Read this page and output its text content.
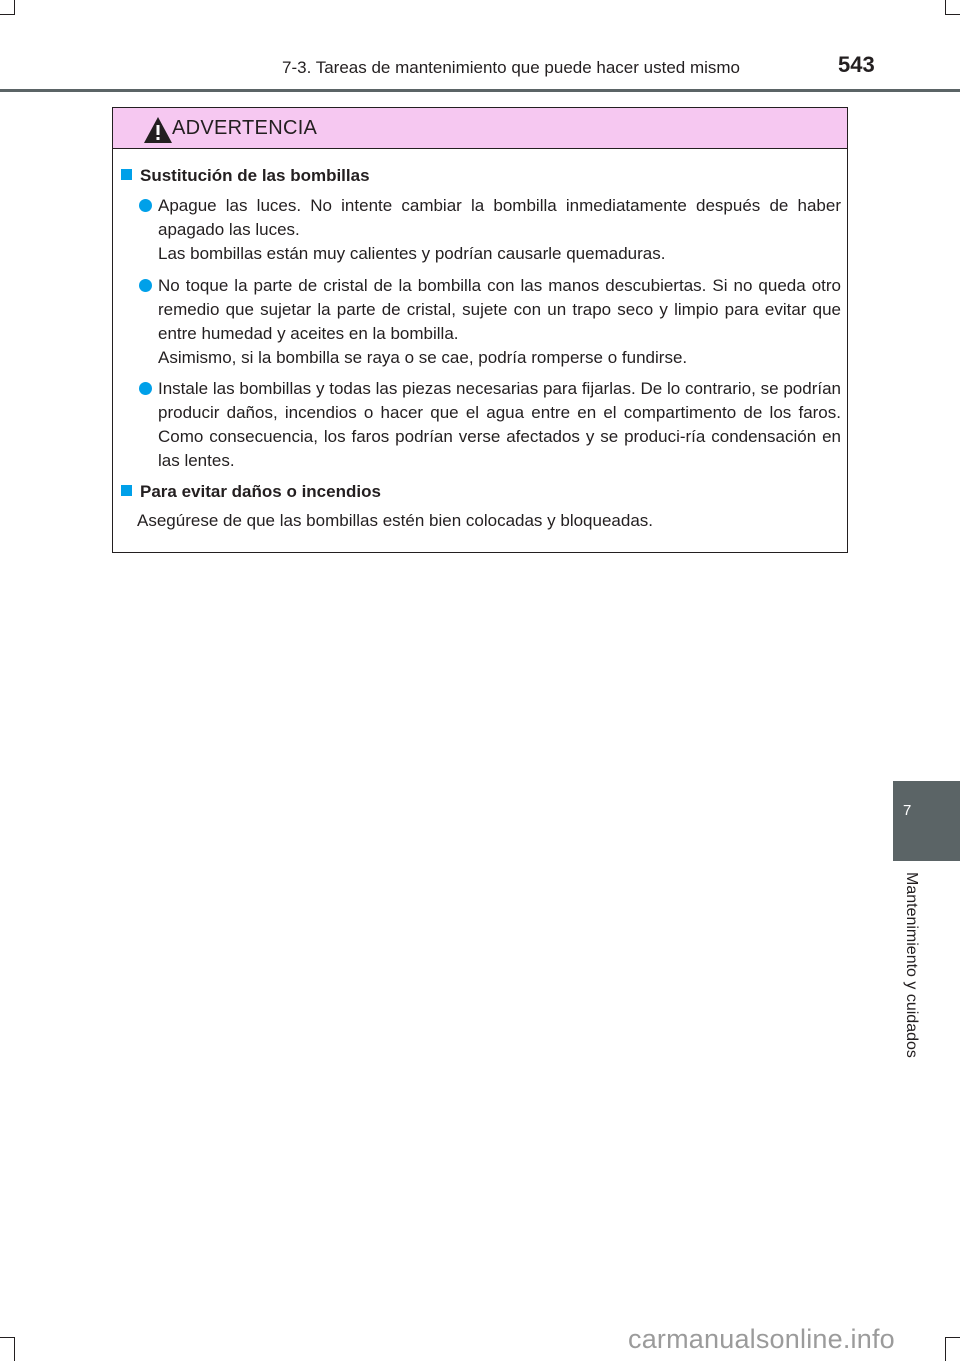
7-3. Tareas de mantenimiento que puede hacer usted mismo	543
ADVERTENCIA
Sustitución de las bombillas
Apague las luces. No intente cambiar la bombilla inmediatamente después de haber apagado las luces.
Las bombillas están muy calientes y podrían causarle quemaduras.
No toque la parte de cristal de la bombilla con las manos descubiertas. Si no queda otro remedio que sujetar la parte de cristal, sujete con un trapo seco y limpio para evitar que entre humedad y aceites en la bombilla.
Asimismo, si la bombilla se raya o se cae, podría romperse o fundirse.
Instale las bombillas y todas las piezas necesarias para fijarlas. De lo contrario, se podrían producir daños, incendios o hacer que el agua entre en el compartimento de los faros. Como consecuencia, los faros podrían verse afectados y se produci-ría condensación en las lentes.
Para evitar daños o incendios
Asegúrese de que las bombillas estén bien colocadas y bloqueadas.
7
Mantenimiento y cuidados
carmanualsonline.info
